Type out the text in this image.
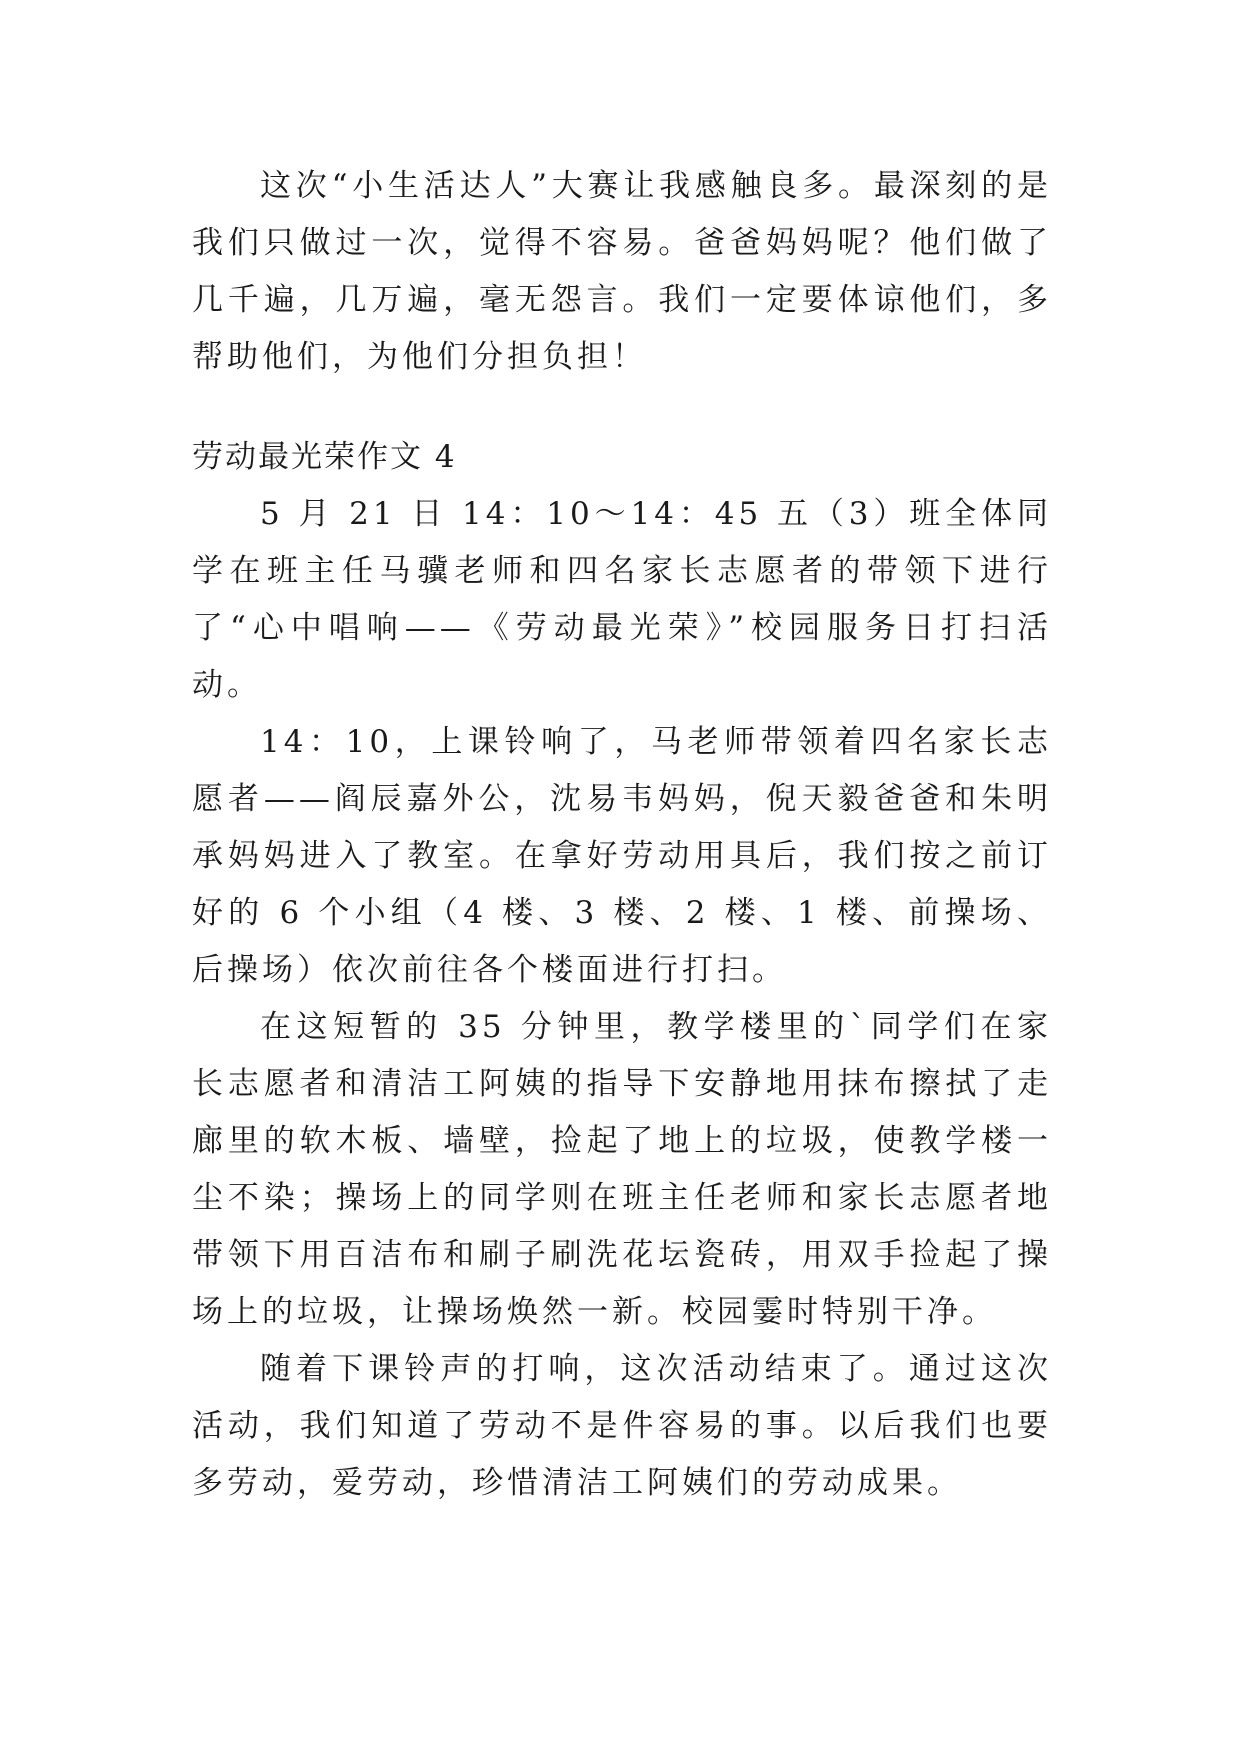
这次“小生活达人”大赛让我感触良多。最深刻的是我们只做过一次，觉得不容易。爸爸妈妈呢？他们做了几千遍，几万遍，毫无怨言。我们一定要体谅他们，多帮助他们，为他们分担负担！

劳动最光荣作文 4

5 月 21 日 14：10～14：45 五（3）班全体同学在班主任马骥老师和四名家长志愿者的带领下进行了“心中唱响——《劳动最光荣》”校园服务日打扫活动。

14：10，上课铃响了，马老师带领着四名家长志愿者——阎辰嘉外公，沈易韦妈妈，倪天毅爸爸和朱明承妈妈进入了教室。在拿好劳动用具后，我们按之前订好的 6 个小组（4 楼、3 楼、2 楼、1 楼、前操场、后操场）依次前往各个楼面进行打扫。

在这短暂的 35 分钟里，教学楼里的`同学们在家长志愿者和清洁工阿姨的指导下安静地用抹布擦拭了走廊里的软木板、墙壁，捡起了地上的垃圾，使教学楼一尘不染；操场上的同学则在班主任老师和家长志愿者地带领下用百洁布和刷子刷洗花坛瓷砖，用双手捡起了操场上的垃圾，让操场焕然一新。校园霎时特别干净。

随着下课铃声的打响，这次活动结束了。通过这次活动，我们知道了劳动不是件容易的事。以后我们也要多劳动，爱劳动，珍惜清洁工阿姨们的劳动成果。
